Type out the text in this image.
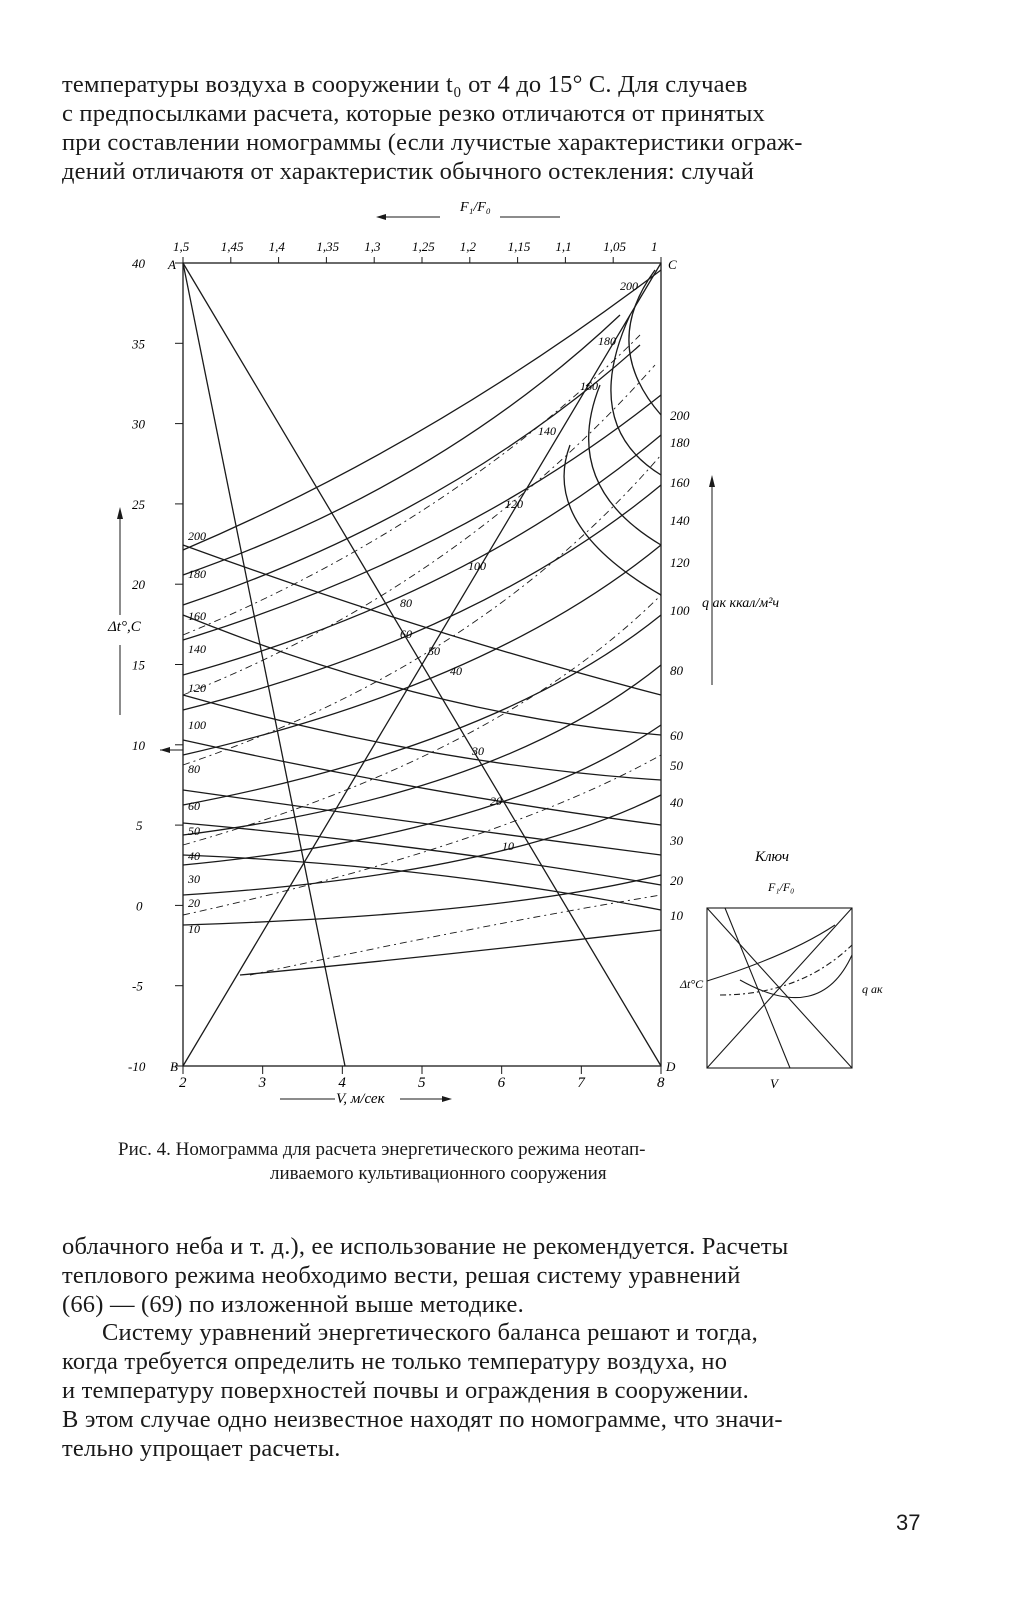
температуры воздуха в сооружении t₀ от 4 до 15° С. Для случаев
с предпосылками расчета, которые резко отличаются от принятых
при составлении номограммы (если лучистые характеристики ограж-
дений отличаютя от характеристик обычного остекления: случай
F₁/F₀
Δt°,C
q ак ккал/м²ч
V, м/сек
A
B
C
D
1,5 1,45 1,4 1,35 1,3 1,25 1,2 1,15 1,1 1,05 1
40
35
30
25
20
15
10
5
0
-5
-10
2	3	4	5	6	7	8
200
180
160
140
120
100
80
60
50
40
30
20
10
200
180
160
140
120
100
80
60
50
40
30
20
10
200
180
160
140
120
100
80
60
50
40
30
20
10
Ключ
F₁/F₀
Δt°C	q ак
V
Рис. 4. Номограмма для расчета энергетического режима неотап-
ливаемого культивационного сооружения
облачного неба и т. д.), ее использование не рекомендуется. Расчеты
теплового режима необходимо вести, решая систему уравнений
(66) — (69) по изложенной выше методике.
Систему уравнений энергетического баланса решают и тогда,
когда требуется определить не только температуру воздуха, но
и температуру поверхностей почвы и ограждения в сооружении.
В этом случае одно неизвестное находят по номограмме, что значи-
тельно упрощает расчеты.
37
